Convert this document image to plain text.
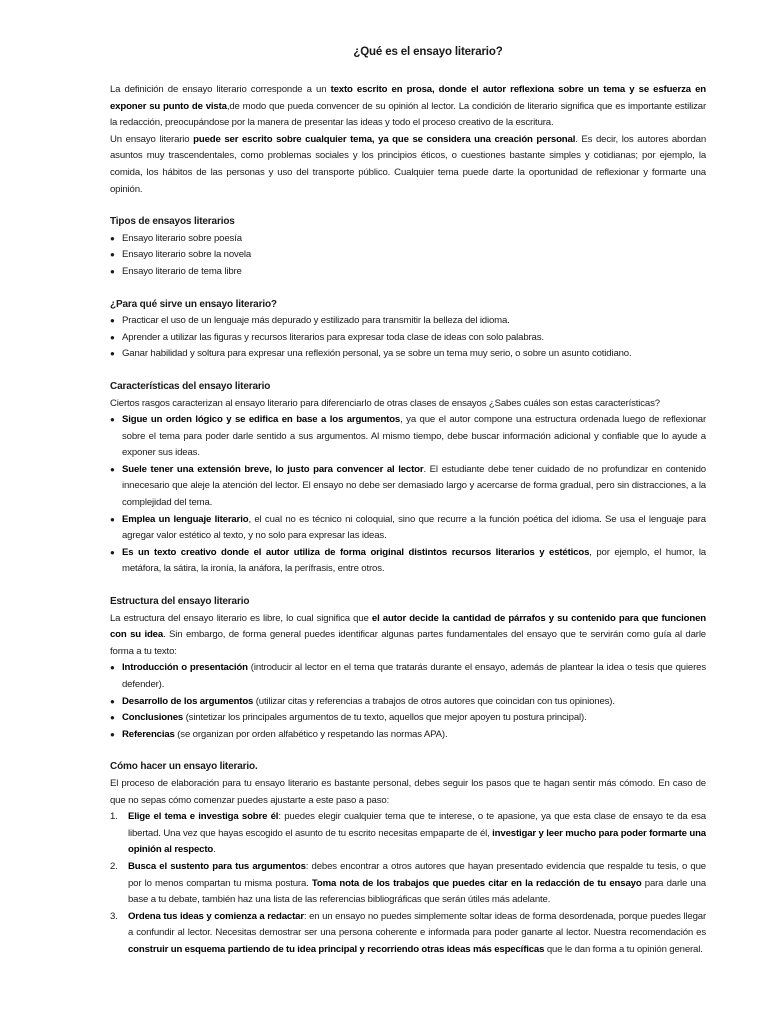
¿Qué es el ensayo literario?

La definición de ensayo literario corresponde a un texto escrito en prosa, donde el autor reflexiona sobre un tema y se esfuerza en exponer su punto de vista,de modo que pueda convencer de su opinión al lector. La condición de literario significa que es importante estilizar la redacción, preocupándose por la manera de presentar las ideas y todo el proceso creativo de la escritura.

Un ensayo literario puede ser escrito sobre cualquier tema, ya que se considera una creación personal. Es decir, los autores abordan asuntos muy trascendentales, como problemas sociales y los principios éticos, o cuestiones bastante simples y cotidianas; por ejemplo, la comida, los hábitos de las personas y uso del transporte público. Cualquier tema puede darte la oportunidad de reflexionar y formarte una opinión.

Tipos de ensayos literarios

● Ensayo literario sobre poesía
● Ensayo literario sobre la novela
● Ensayo literario de tema libre

¿Para qué sirve un ensayo literario?

● Practicar el uso de un lenguaje más depurado y estilizado para transmitir la belleza del idioma.
● Aprender a utilizar las figuras y recursos literarios para expresar toda clase de ideas con solo palabras.
● Ganar habilidad y soltura para expresar una reflexión personal, ya se sobre un tema muy serio, o sobre un asunto cotidiano.

Características del ensayo literario

Ciertos rasgos caracterizan al ensayo literario para diferenciarlo de otras clases de ensayos ¿Sabes cuáles son estas características?

● Sigue un orden lógico y se edifica en base a los argumentos, ya que el autor compone una estructura ordenada luego de reflexionar sobre el tema para poder darle sentido a sus argumentos. Al mismo tiempo, debe buscar información adicional y confiable que lo ayude a exponer sus ideas.
● Suele tener una extensión breve, lo justo para convencer al lector. El estudiante debe tener cuidado de no profundizar en contenido innecesario que aleje la atención del lector. El ensayo no debe ser demasiado largo y acercarse de forma gradual, pero sin distracciones, a la complejidad del tema.
● Emplea un lenguaje literario, el cual no es técnico ni coloquial, sino que recurre a la función poética del idioma. Se usa el lenguaje para agregar valor estético al texto, y no solo para expresar las ideas.
● Es un texto creativo donde el autor utiliza de forma original distintos recursos literarios y estéticos, por ejemplo, el humor, la metáfora, la sátira, la ironía, la anáfora, la perífrasis, entre otros.

Estructura del ensayo literario

La estructura del ensayo literario es libre, lo cual significa que el autor decide la cantidad de párrafos y su contenido para que funcionen con su idea. Sin embargo, de forma general puedes identificar algunas partes fundamentales del ensayo que te servirán como guía al darle forma a tu texto:

● Introducción o presentación (introducir al lector en el tema que tratarás durante el ensayo, además de plantear la idea o tesis que quieres defender).
● Desarrollo de los argumentos (utilizar citas y referencias a trabajos de otros autores que coincidan con tus opiniones).
● Conclusiones (sintetizar los principales argumentos de tu texto, aquellos que mejor apoyen tu postura principal).
● Referencias (se organizan por orden alfabético y respetando las normas APA).

Cómo hacer un ensayo literario.

El proceso de elaboración para tu ensayo literario es bastante personal, debes seguir los pasos que te hagan sentir más cómodo. En caso de que no sepas cómo comenzar puedes ajustarte a este paso a paso:

1. Elige el tema e investiga sobre él: puedes elegir cualquier tema que te interese, o te apasione, ya que esta clase de ensayo te da esa libertad. Una vez que hayas escogido el asunto de tu escrito necesitas empaparte de él, investigar y leer mucho para poder formarte una opinión al respecto.
2. Busca el sustento para tus argumentos: debes encontrar a otros autores que hayan presentado evidencia que respalde tu tesis, o que por lo menos compartan tu misma postura. Toma nota de los trabajos que puedes citar en la redacción de tu ensayo para darle una base a tu debate, también haz una lista de las referencias bibliográficas que serán útiles más adelante.
3. Ordena tus ideas y comienza a redactar: en un ensayo no puedes simplemente soltar ideas de forma desordenada, porque puedes llegar a confundir al lector. Necesitas demostrar ser una persona coherente e informada para poder ganarte al lector. Nuestra recomendación es construir un esquema partiendo de tu idea principal y recorriendo otras ideas más específicas que le dan forma a tu opinión general.
